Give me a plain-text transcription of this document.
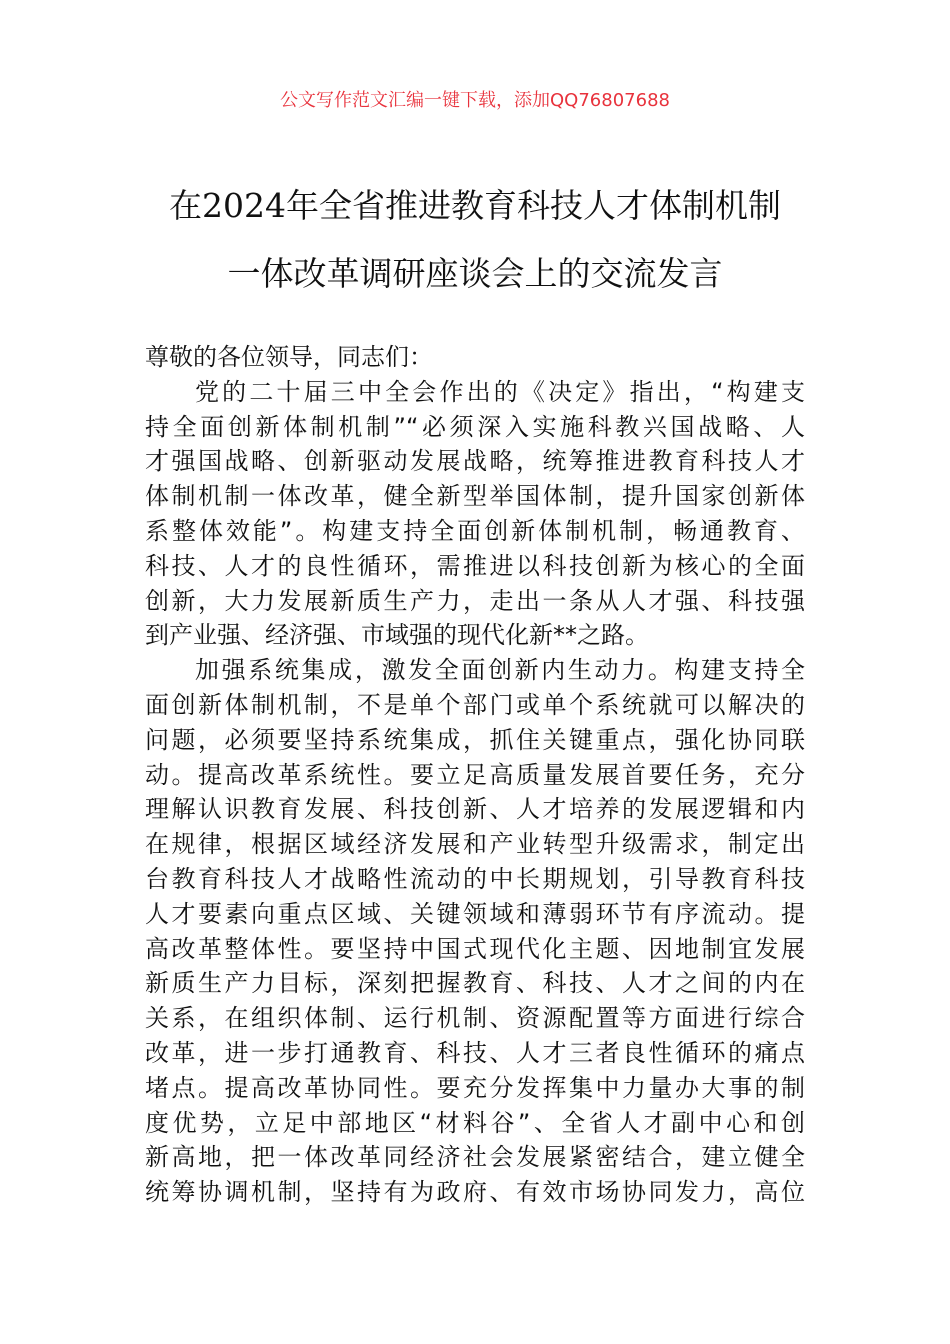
公文写作范文汇编一键下载，添加QQ76807688
在2024年全省推进教育科技人才体制机制
一体改革调研座谈会上的交流发言
尊敬的各位领导，同志们：
党的二十届三中全会作出的《决定》指出，“构建支
持全面创新体制机制”“必须深入实施科教兴国战略、人
才强国战略、创新驱动发展战略，统筹推进教育科技人才
体制机制一体改革，健全新型举国体制，提升国家创新体
系整体效能”。构建支持全面创新体制机制，畅通教育、
科技、人才的良性循环，需推进以科技创新为核心的全面
创新，大力发展新质生产力，走出一条从人才强、科技强
到产业强、经济强、市域强的现代化新**之路。
加强系统集成，激发全面创新内生动力。构建支持全
面创新体制机制，不是单个部门或单个系统就可以解决的
问题，必须要坚持系统集成，抓住关键重点，强化协同联
动。提高改革系统性。要立足高质量发展首要任务，充分
理解认识教育发展、科技创新、人才培养的发展逻辑和内
在规律，根据区域经济发展和产业转型升级需求，制定出
台教育科技人才战略性流动的中长期规划，引导教育科技
人才要素向重点区域、关键领域和薄弱环节有序流动。提
高改革整体性。要坚持中国式现代化主题、因地制宜发展
新质生产力目标，深刻把握教育、科技、人才之间的内在
关系，在组织体制、运行机制、资源配置等方面进行综合
改革，进一步打通教育、科技、人才三者良性循环的痛点
堵点。提高改革协同性。要充分发挥集中力量办大事的制
度优势，立足中部地区“材料谷”、全省人才副中心和创
新高地，把一体改革同经济社会发展紧密结合，建立健全
统筹协调机制，坚持有为政府、有效市场协同发力，高位
